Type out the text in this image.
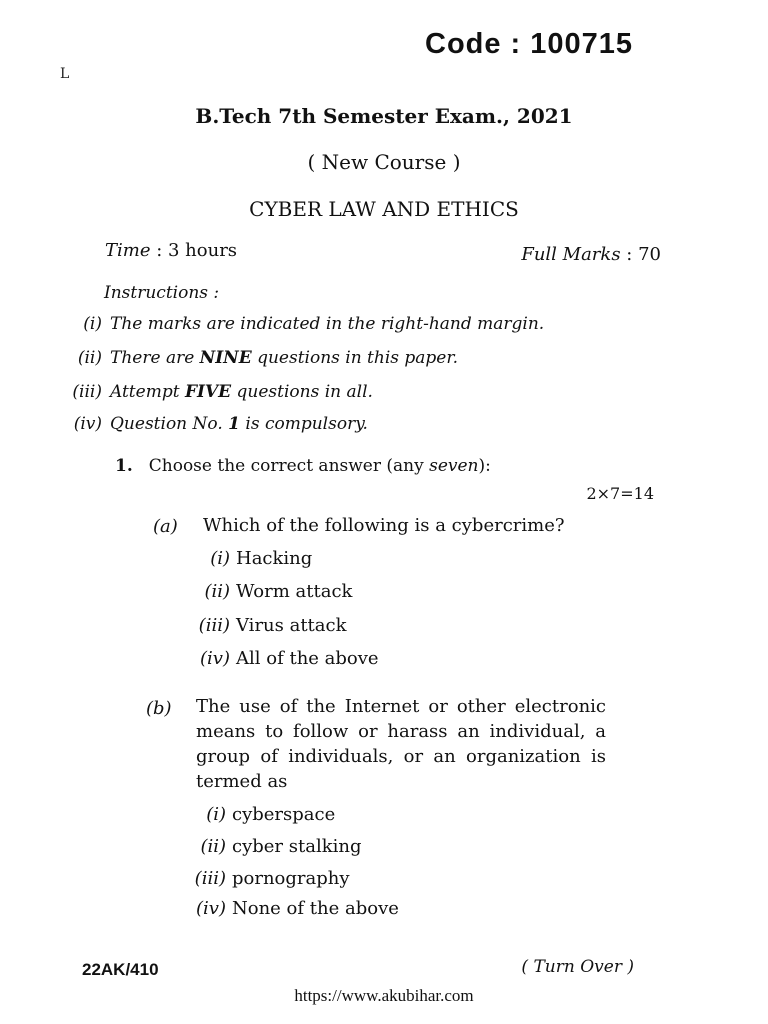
Code : 100715
L
B.Tech 7th Semester Exam., 2021
( New Course )
CYBER LAW AND ETHICS
Time : 3 hours	Full Marks : 70
Instructions :
(i) The marks are indicated in the right-hand margin.
(ii) There are NINE questions in this paper.
(iii) Attempt FIVE questions in all.
(iv) Question No. 1 is compulsory.
1. Choose the correct answer (any seven):
2×7=14
(a) Which of the following is a cybercrime?
(i) Hacking
(ii) Worm attack
(iii) Virus attack
(iv) All of the above
(b) The use of the Internet or other electronic means to follow or harass an individual, a group of individuals, or an organization is termed as
(i) cyberspace
(ii) cyber stalking
(iii) pornography
(iv) None of the above
22AK/410	( Turn Over )
https://www.akubihar.com
